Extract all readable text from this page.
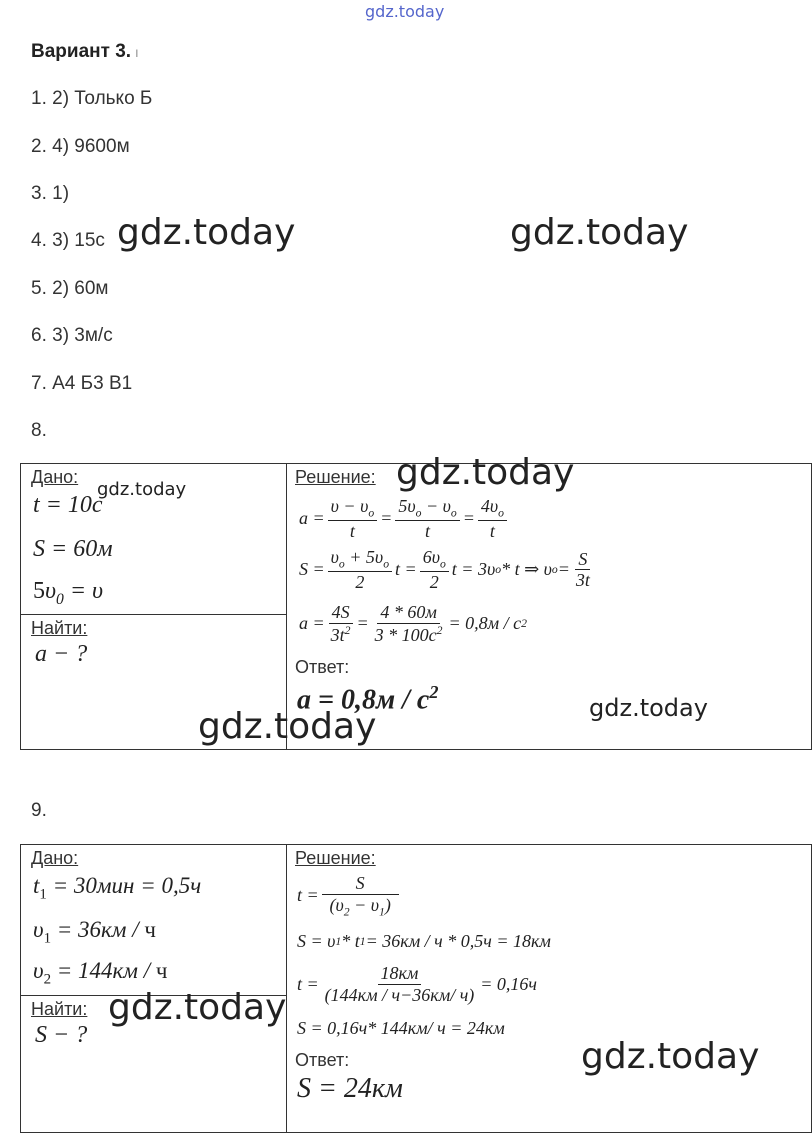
gdz.today
Вариант 3. ı
1. 2) Только Б
2. 4) 9600м
3. 1)
4. 3) 15с
5. 2) 60м
6. 3) 3м/с
7. А4 Б3 В1
gdz.today	gdz.today
8.
Дано:
t = 10c
S = 60м
$5\upsilon_0 = \upsilon$

Решение:
$a = \frac{\upsilon - \upsilon_o}{t} = \frac{5\upsilon_o - \upsilon_o}{t} = \frac{4\upsilon_o}{t}$
$S = \frac{\upsilon_o + 5\upsilon_o}{2}$ $t = \frac{6\upsilon_o}{2}$ t = 3υ o * t ⇒ υ $o = \frac{S}{3t}$
$a = \frac{4S}{3t^2} = \frac{4 * 60м}{3 * 100c^2} = 0,8м / c$ 2
Ответ:
$a = 0,8м / c^2$

Найти:
a − ?
gdz.today	gdz.today
gdz.today
gdz.today
9.
Дано:
$t_1 = 30мин = 0,5ч$
$\upsilon_1 = 36км / ч$
$\upsilon_2 = 144км / ч$

Решение:
$t = \frac{S}{(\upsilon_2 - \upsilon_1)}$
S = υ 1 * t 1 = 36км / ч * 0,5ч = 18км
$t = \frac{18км}{(144км / ч-36км/ ч)} = 0,16ч$
S = 0,16ч* 144км/ ч = 24км
Ответ:
S = 24км

Найти:
S − ?
gdz.today
gdz.today
